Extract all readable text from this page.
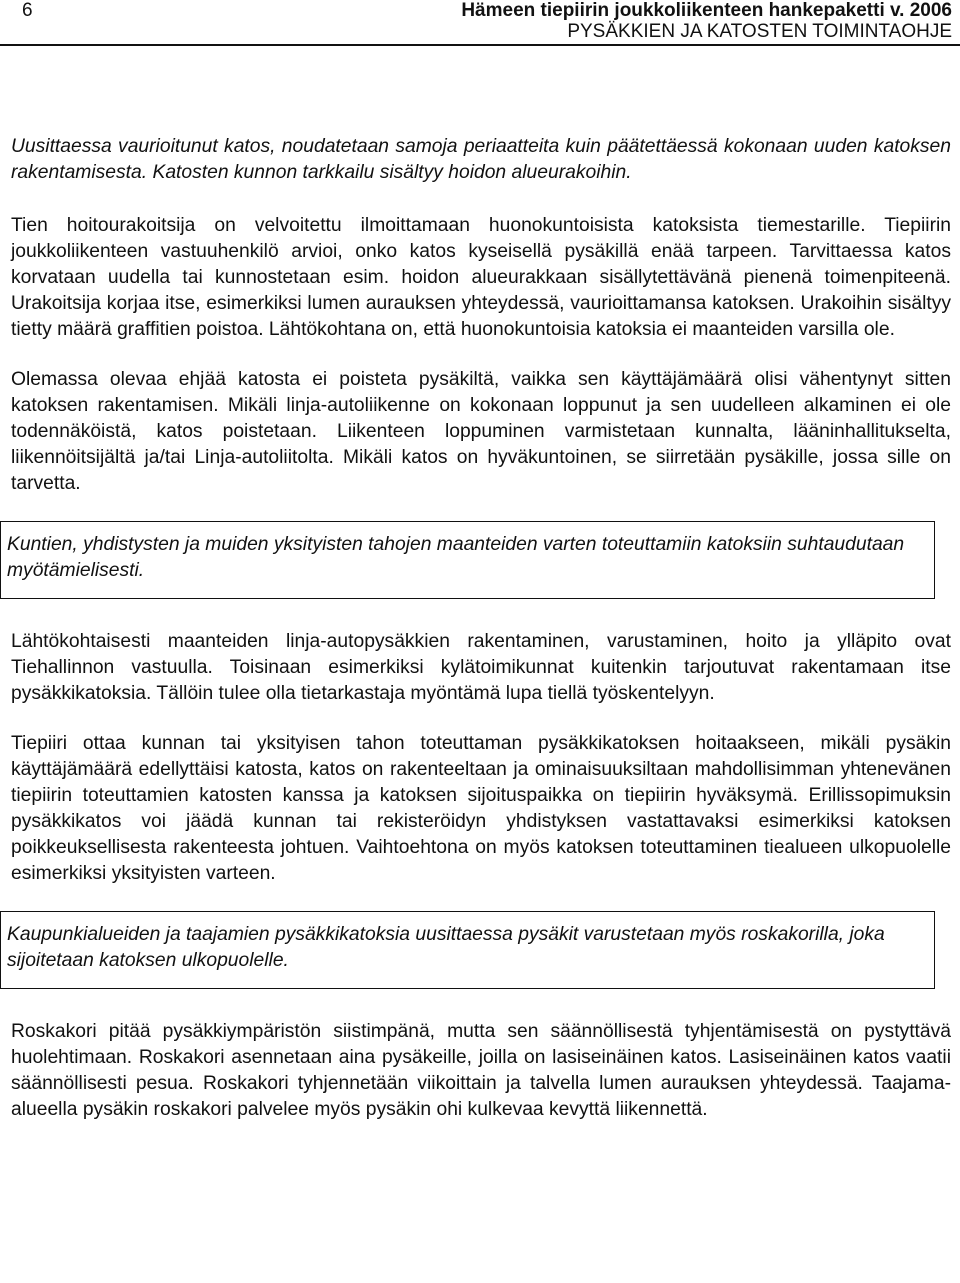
6	Hämeen tiepiirin joukkoliikenteen hankepaketti v. 2006
PYSÄKKIEN JA KATOSTEN TOIMINTAOHJE

Uusittaessa vaurioitunut katos, noudatetaan samoja periaatteita kuin päätettäessä kokonaan uuden katoksen rakentamisesta. Katosten kunnon tarkkailu sisältyy hoidon alueurakoihin.

Tien hoitourakoitsija on velvoitettu ilmoittamaan huonokuntoisista katoksista tiemestarille. Tiepiirin joukkoliikenteen vastuuhenkilö arvioi, onko katos kyseisellä pysäkillä enää tarpeen. Tarvittaessa katos korvataan uudella tai kunnostetaan esim. hoidon alueurakkaan sisällytettävänä pienenä toimenpiteenä. Urakoitsija korjaa itse, esimerkiksi lumen aurauksen yhteydessä, vaurioittamansa katoksen. Urakoihin sisältyy tietty määrä graffitien poistoa. Lähtökohtana on, että huonokuntoisia katoksia ei maanteiden varsilla ole.

Olemassa olevaa ehjää katosta ei poisteta pysäkiltä, vaikka sen käyttäjämäärä olisi vähentynyt sitten katoksen rakentamisen. Mikäli linja-autoliikenne on kokonaan loppunut ja sen uudelleen alkaminen ei ole todennäköistä, katos poistetaan. Liikenteen loppuminen varmistetaan kunnalta, lääninhallitukselta, liikennöitsijältä ja/tai Linja-autoliitolta. Mikäli katos on hyväkuntoinen, se siirretään pysäkille, jossa sille on tarvetta.

Kuntien, yhdistysten ja muiden yksityisten tahojen maanteiden varten toteuttamiin katoksiin suhtaudutaan myötämielisesti.

Lähtökohtaisesti maanteiden linja-autopysäkkien rakentaminen, varustaminen, hoito ja ylläpito ovat Tiehallinnon vastuulla. Toisinaan esimerkiksi kylätoimikunnat kuitenkin tarjoutuvat rakentamaan itse pysäkkikatoksia. Tällöin tulee olla tietarkastaja myöntämä lupa tiellä työskentelyyn.

Tiepiiri ottaa kunnan tai yksityisen tahon toteuttaman pysäkkikatoksen hoitaakseen, mikäli pysäkin käyttäjämäärä edellyttäisi katosta, katos on rakenteeltaan ja ominaisuuksiltaan mahdollisimman yhtenevänen tiepiirin toteuttamien katosten kanssa ja katoksen sijoituspaikka on tiepiirin hyväksymä. Erillissopimuksin pysäkkikatos voi jäädä kunnan tai rekisteröidyn yhdistyksen vastattavaksi esimerkiksi katoksen poikkeuksellisesta rakenteesta johtuen. Vaihtoehtona on myös katoksen toteuttaminen tiealueen ulkopuolelle esimerkiksi yksityisten varteen.

Kaupunkialueiden ja taajamien pysäkkikatoksia uusittaessa pysäkit varustetaan myös roskakorilla, joka sijoitetaan katoksen ulkopuolelle.

Roskakori pitää pysäkkiympäristön siistimpänä, mutta sen säännöllisestä tyhjentämisestä on pystyttävä huolehtimaan. Roskakori asennetaan aina pysäkeille, joilla on lasiseinäinen katos. Lasiseinäinen katos vaatii säännöllisesti pesua. Roskakori tyhjennetään viikoittain ja talvella lumen aurauksen yhteydessä. Taajama-alueella pysäkin roskakori palvelee myös pysäkin ohi kulkevaa kevyttä liikennettä.
